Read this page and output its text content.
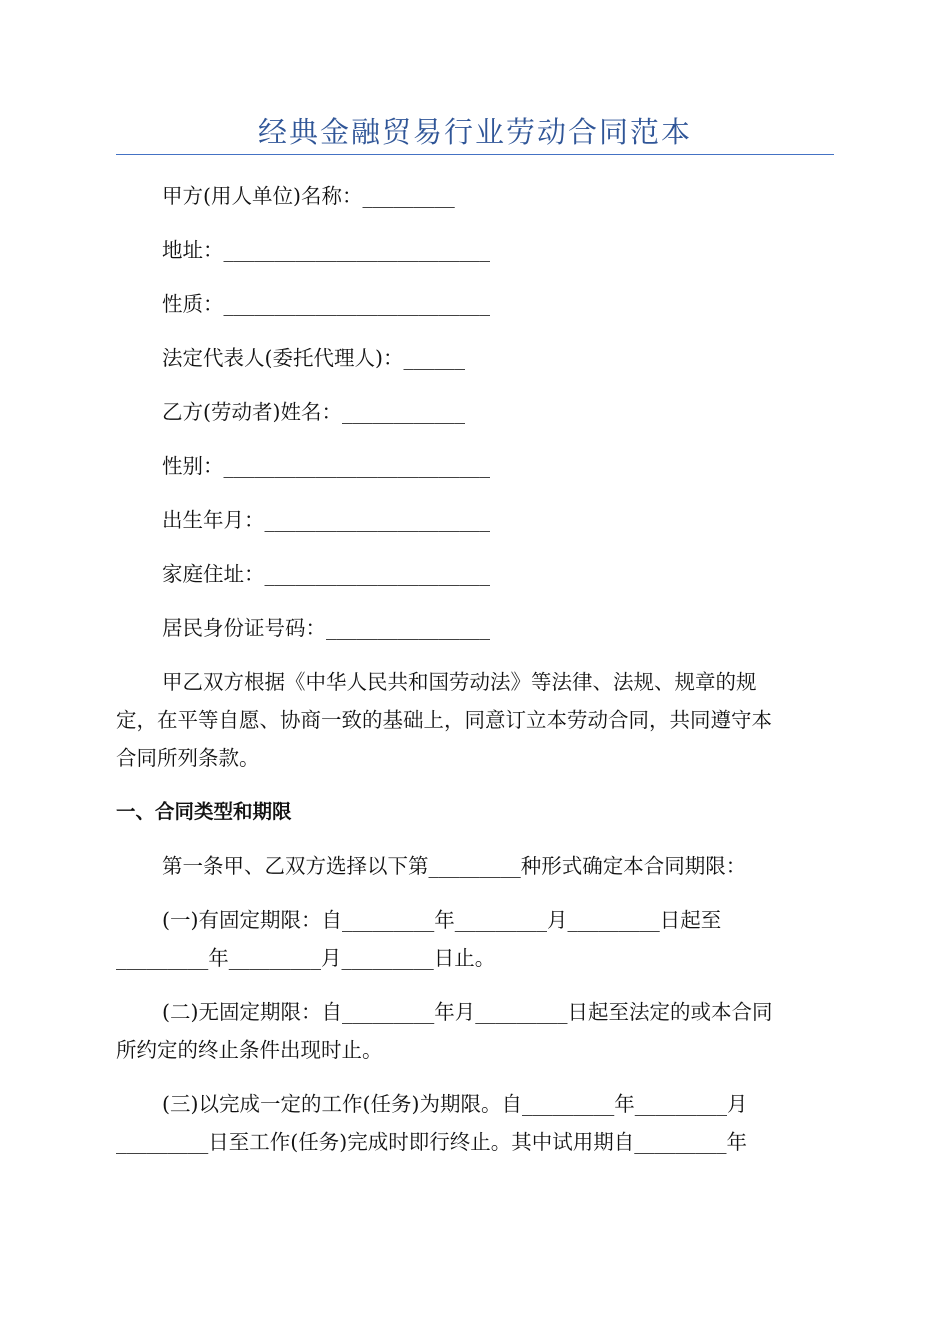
经典金融贸易行业劳动合同范本
甲方(用人单位)名称：_________
地址：__________________________
性质：__________________________
法定代表人(委托代理人)：______
乙方(劳动者)姓名：____________
性别：__________________________
出生年月：______________________
家庭住址：______________________
居民身份证号码：________________
甲乙双方根据《中华人民共和国劳动法》等法律、法规、规章的规
定，在平等自愿、协商一致的基础上，同意订立本劳动合同，共同遵守本
合同所列条款。
一、合同类型和期限
第一条甲、乙双方选择以下第_________种形式确定本合同期限：
(一)有固定期限：自_________年_________月_________日起至
_________年_________月_________日止。
(二)无固定期限：自_________年月_________日起至法定的或本合同
所约定的终止条件出现时止。
(三)以完成一定的工作(任务)为期限。自_________年_________月
_________日至工作(任务)完成时即行终止。其中试用期自_________年
